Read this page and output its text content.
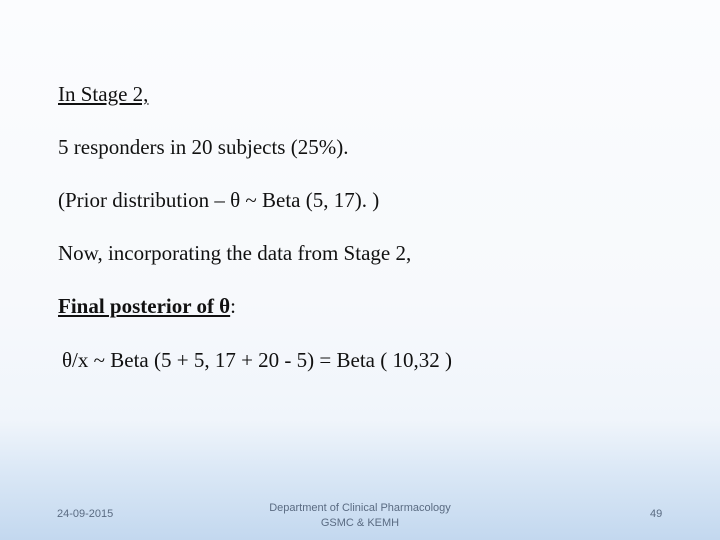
In Stage 2,
5 responders in 20 subjects (25%).
(Prior distribution – θ ~ Beta (5, 17). )
Now, incorporating the data from Stage 2,
Final posterior of θ:
θ/x ~ Beta (5 + 5, 17 + 20 - 5) = Beta ( 10,32 )
24-09-2015	Department of Clinical Pharmacology
GSMC & KEMH
49
